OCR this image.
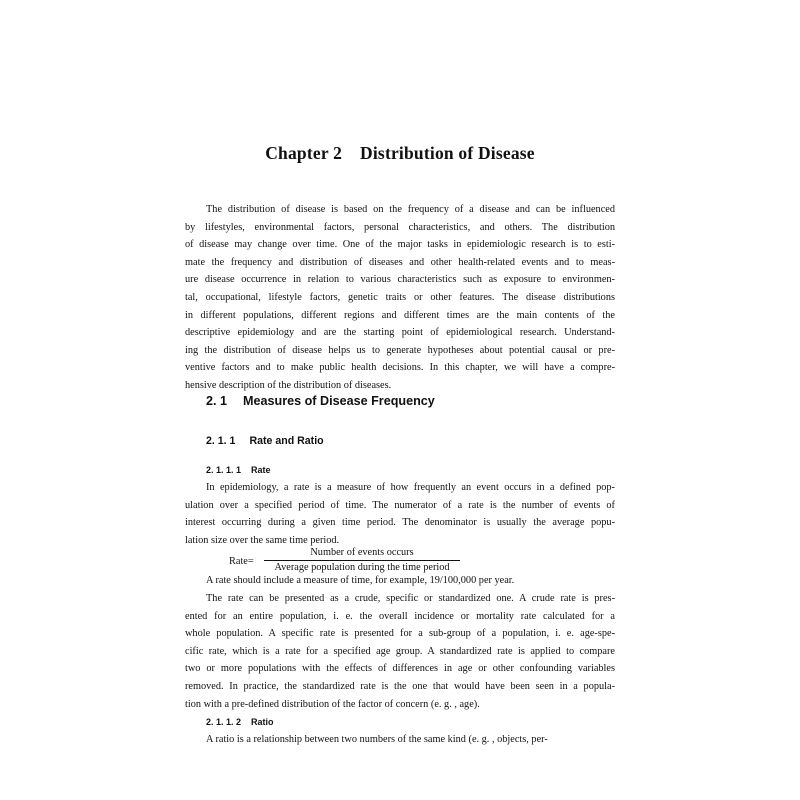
Chapter 2 Distribution of Disease
The distribution of disease is based on the frequency of a disease and can be influenced
by lifestyles, environmental factors, personal characteristics, and others. The distribution
of disease may change over time. One of the major tasks in epidemiologic research is to esti-
mate the frequency and distribution of diseases and other health-related events and to meas-
ure disease occurrence in relation to various characteristics such as exposure to environmen-
tal, occupational, lifestyle factors, genetic traits or other features. The disease distributions
in different populations, different regions and different times are the main contents of the
descriptive epidemiology and are the starting point of epidemiological research. Understand-
ing the distribution of disease helps us to generate hypotheses about potential causal or pre-
ventive factors and to make public health decisions. In this chapter, we will have a compre-
hensive description of the distribution of diseases.
2. 1 Measures of Disease Frequency
2. 1. 1 Rate and Ratio

2. 1. 1. 1 Rate

In epidemiology, a rate is a measure of how frequently an event occurs in a defined pop-
ulation over a specified period of time. The numerator of a rate is the number of events of
interest occurring during a given time period. The denominator is usually the average popu-
lation size over the same time period.
Rate=
Number of events occurs
Average population during the time period

A rate should include a measure of time, for example, 19/100,000 per year.

The rate can be presented as a crude, specific or standardized one. A crude rate is pres-
ented for an entire population, i. e. the overall incidence or mortality rate calculated for a
whole population. A specific rate is presented for a sub-group of a population, i. e. age-spe-
cific rate, which is a rate for a specified age group. A standardized rate is applied to compare
two or more populations with the effects of differences in age or other confounding variables
removed. In practice, the standardized rate is the one that would have been seen in a popula-
tion with a pre-defined distribution of the factor of concern (e. g. , age).

2. 1. 1. 2 Ratio

A ratio is a relationship between two numbers of the same kind (e. g. , objects, per-
